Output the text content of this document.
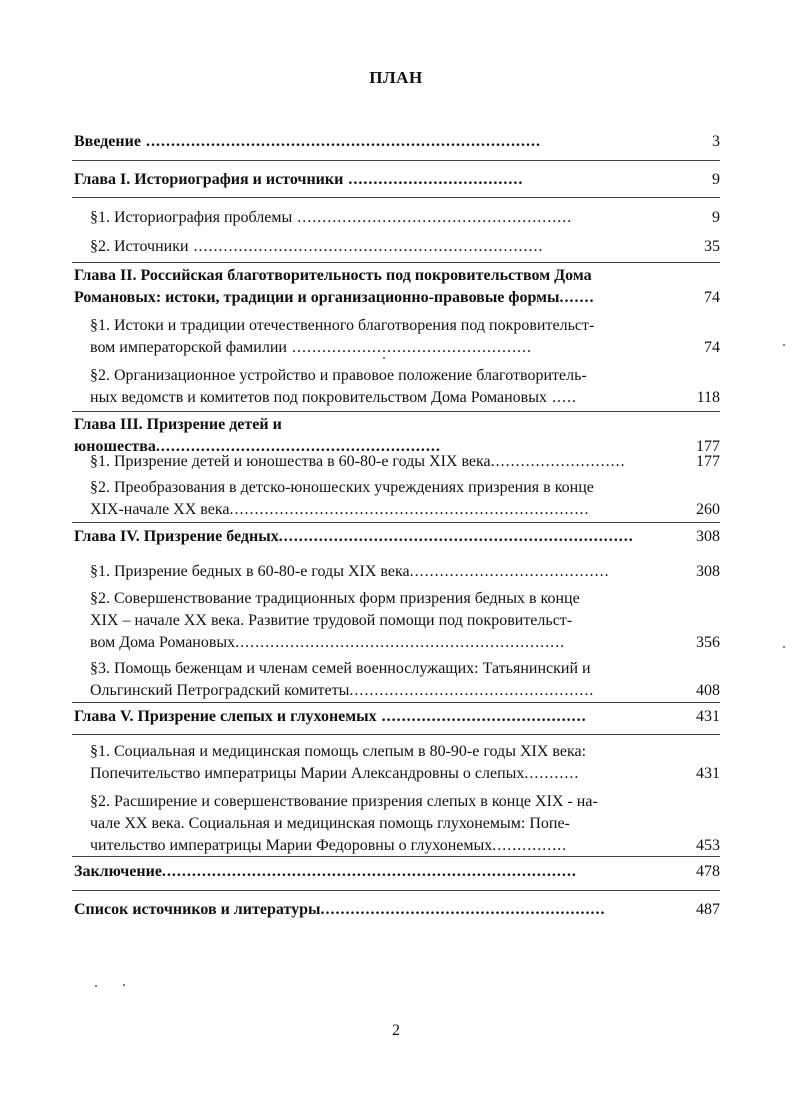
ПЛАН
Введение ...............................................................................	3
Глава I. Историография и источники ...................................	9
§1. Историография проблемы .......................................................	9
§2. Источники ......................................................................	35
Глава II. Российская благотворительность под покровительством Дома
Романовых: истоки, традиции и организационно-правовые формы.......	74
§1. Истоки и традиции отечественного благотворения под покровительст-
вом императорской фамилии ................................................	74
§2. Организационное устройство и правовое положение благотворитель-
ных ведомств и комитетов под покровительством Дома Романовых .....	118
Глава III. Призрение детей и юношества.........................................................	177
§1. Призрение детей и юношества в 60-80-е годы XIX века...........................	177
§2. Преобразования в детско-юношеских учреждениях призрения в конце
XIX-начале XX века........................................................................	260
Глава IV. Призрение бедных.......................................................................	308
§1. Призрение бедных в 60-80-е годы XIX века........................................	308
§2. Совершенствование традиционных форм призрения бедных в конце
XIX – начале XX века. Развитие трудовой помощи под покровительст-
вом Дома Романовых..................................................................	356
§3. Помощь беженцам и членам семей военнослужащих: Татьянинский и
Ольгинский Петроградский комитеты.................................................	408
Глава V. Призрение слепых и глухонемых .........................................	431
§1. Социальная и медицинская помощь слепым в 80-90-е годы XIX века:
Попечительство императрицы Марии Александровны о слепых...........	431
§2. Расширение и совершенствование призрения слепых в конце XIX - на-
чале XX века. Социальная и медицинская помощь глухонемым: Попе-
чительство императрицы Марии Федоровны о глухонемых...............	453
Заключение...................................................................................	478
Список источников и литературы.........................................................	487
2
